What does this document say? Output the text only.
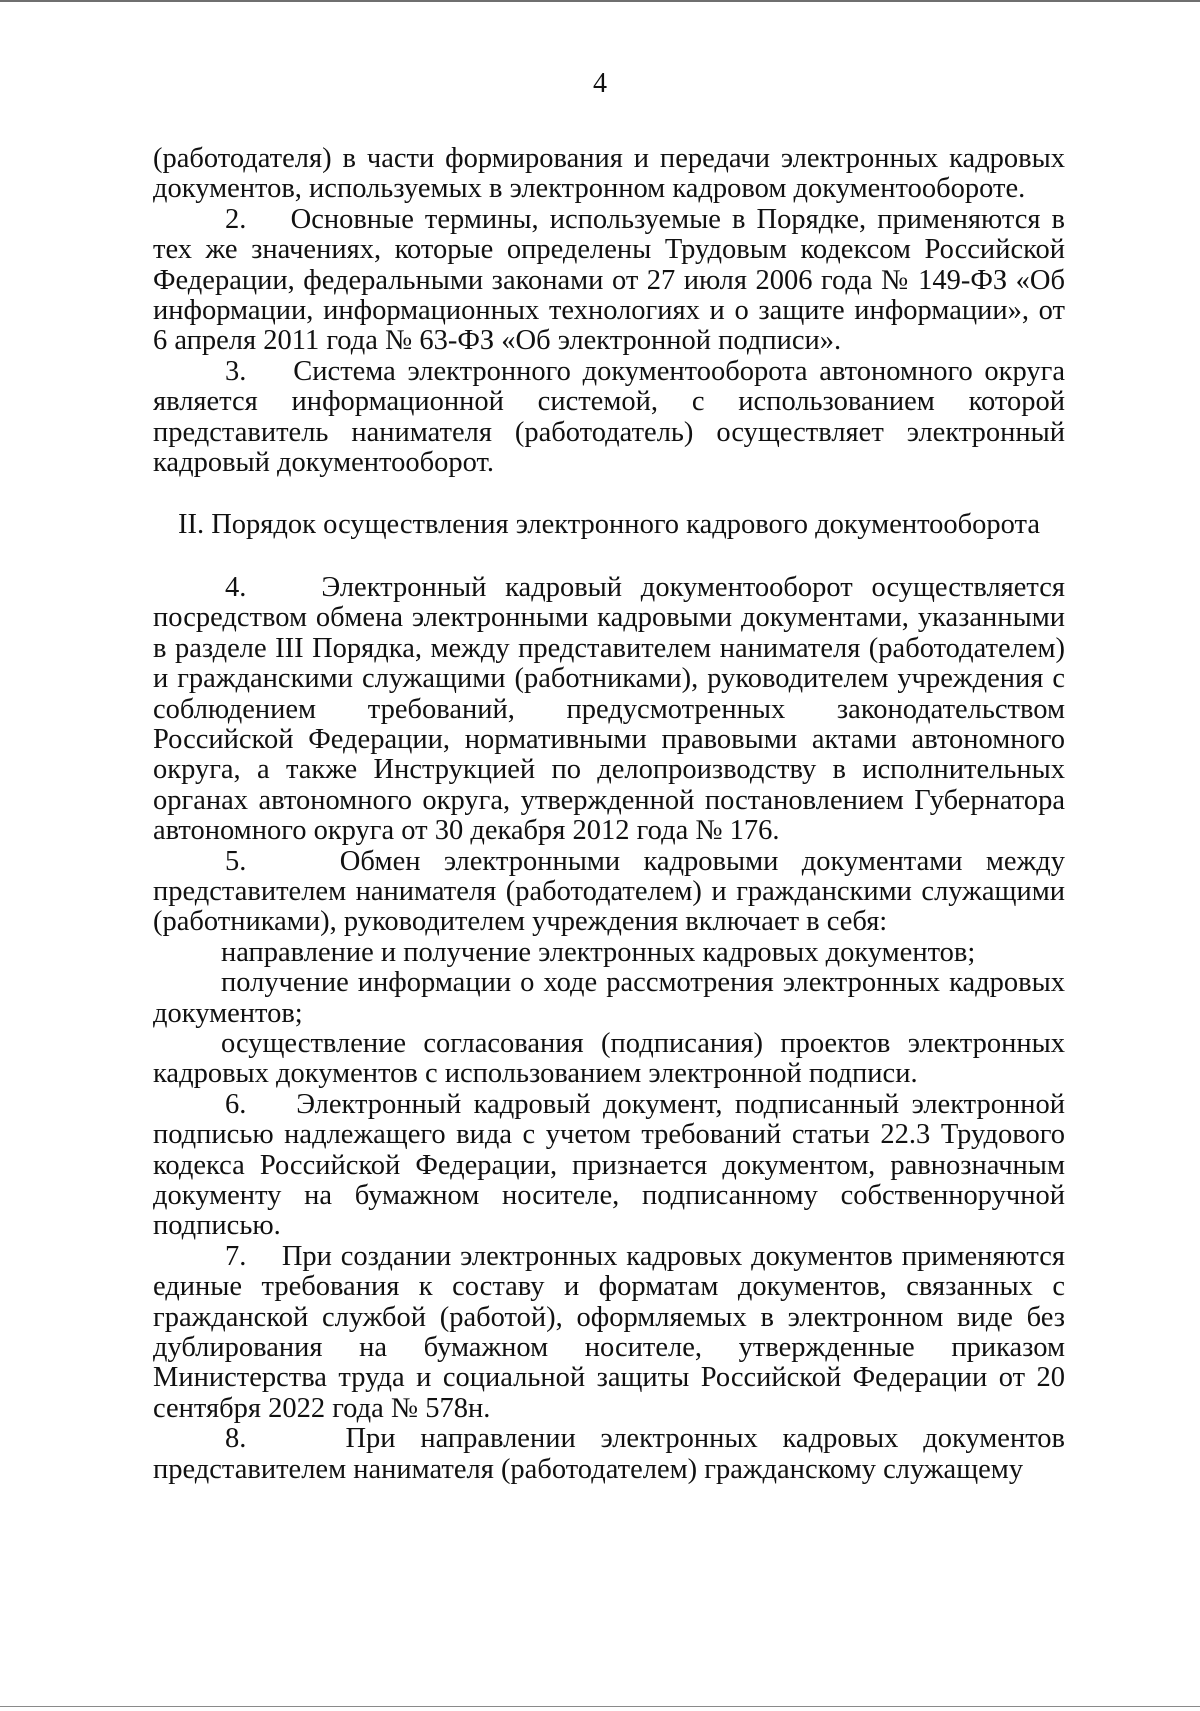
4

(работодателя) в части формирования и передачи электронных кадровых документов, используемых в электронном кадровом документообороте.

2.    Основные термины, используемые в Порядке, применяются в тех же значениях, которые определены Трудовым кодексом Российской Федерации, федеральными законами от 27 июля 2006 года № 149-ФЗ «Об информации, информационных технологиях и о защите информации», от 6 апреля 2011 года № 63-ФЗ «Об электронной подписи».

3.    Система электронного документооборота автономного округа является информационной системой, с использованием которой представитель нанимателя (работодатель) осуществляет электронный кадровый документооборот.

II. Порядок осуществления электронного кадрового документооборота

4.    Электронный кадровый документооборот осуществляется посредством обмена электронными кадровыми документами, указанными в разделе III Порядка, между представителем нанимателя (работодателем) и гражданскими служащими (работниками), руководителем учреждения с соблюдением требований, предусмотренных законодательством Российской Федерации, нормативными правовыми актами автономного округа, а также Инструкцией по делопроизводству в исполнительных органах автономного округа, утвержденной постановлением Губернатора автономного округа от 30 декабря 2012 года № 176.

5.    Обмен электронными кадровыми документами между представителем нанимателя (работодателем) и гражданскими служащими (работниками), руководителем учреждения включает в себя:

направление и получение электронных кадровых документов;

получение информации о ходе рассмотрения электронных кадровых документов;

осуществление согласования (подписания) проектов электронных кадровых документов с использованием электронной подписи.

6.    Электронный кадровый документ, подписанный электронной подписью надлежащего вида с учетом требований статьи 22.3 Трудового кодекса Российской Федерации, признается документом, равнозначным документу на бумажном носителе, подписанному собственноручной подписью.

7.    При создании электронных кадровых документов применяются единые требования к составу и форматам документов, связанных с гражданской службой (работой), оформляемых в электронном виде без дублирования на бумажном носителе, утвержденные приказом Министерства труда и социальной защиты Российской Федерации от 20 сентября 2022 года № 578н.

8.    При направлении электронных кадровых документов представителем нанимателя (работодателем) гражданскому служащему
